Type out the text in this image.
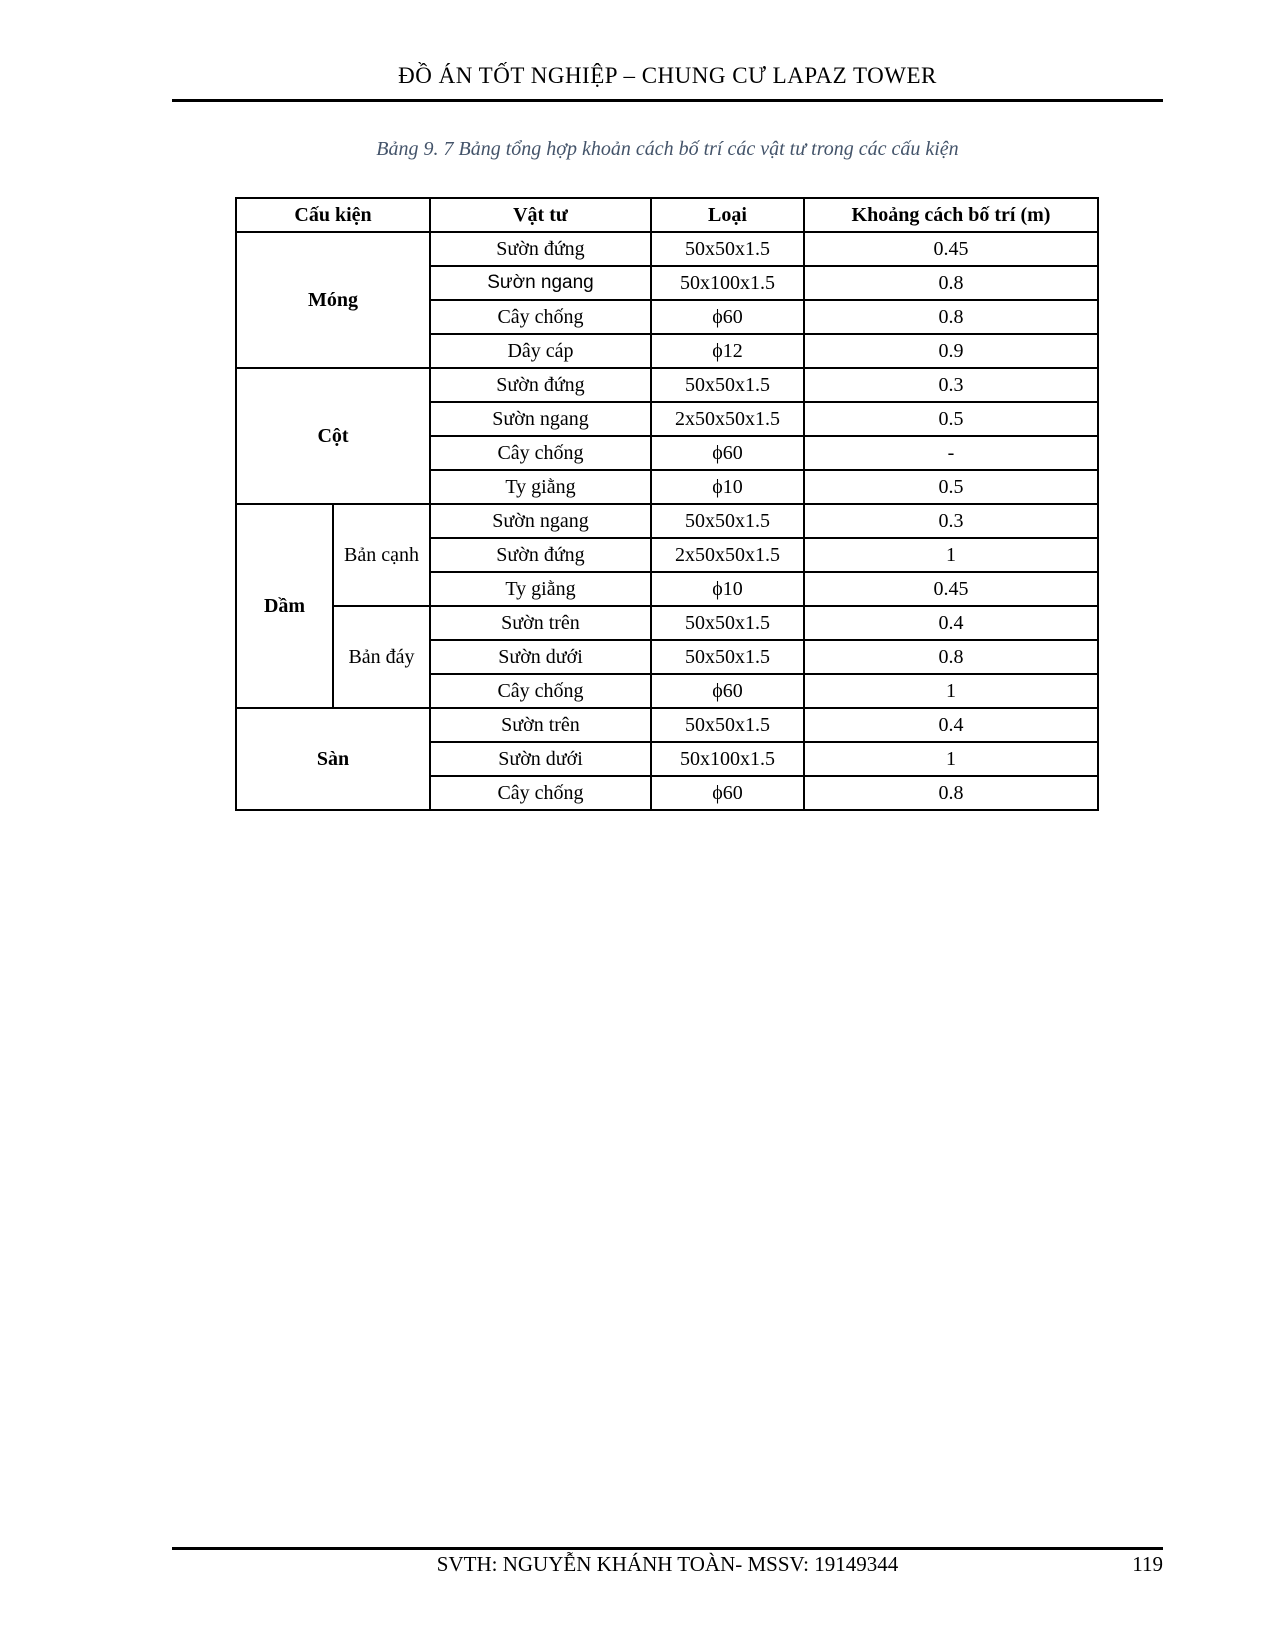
ĐỒ ÁN TỐT NGHIỆP – CHUNG CƯ LAPAZ TOWER
Bảng 9. 7 Bảng tổng hợp khoản cách bố trí các vật tư trong các cấu kiện
Cấu kiện		Vật tư	Loại	Khoảng cách bố trí (m)
Móng		Sườn đứng	50x50x1.5	0.45
		Sườn ngang	50x100x1.5	0.8
		Cây chống	ϕ60	0.8
		Dây cáp	ϕ12	0.9
Cột		Sườn đứng	50x50x1.5	0.3
		Sườn ngang	2x50x50x1.5	0.5
		Cây chống	ϕ60	-
		Ty giằng	ϕ10	0.5
Dầm	Bản cạnh	Sườn ngang	50x50x1.5	0.3
		Sườn đứng	2x50x50x1.5	1
		Ty giằng	ϕ10	0.45
	Bản đáy	Sườn trên	50x50x1.5	0.4
		Sườn dưới	50x50x1.5	0.8
		Cây chống	ϕ60	1
Sàn		Sườn trên	50x50x1.5	0.4
		Sườn dưới	50x100x1.5	1
		Cây chống	ϕ60	0.8
SVTH: NGUYỄN KHÁNH TOÀN- MSSV: 19149344	119
